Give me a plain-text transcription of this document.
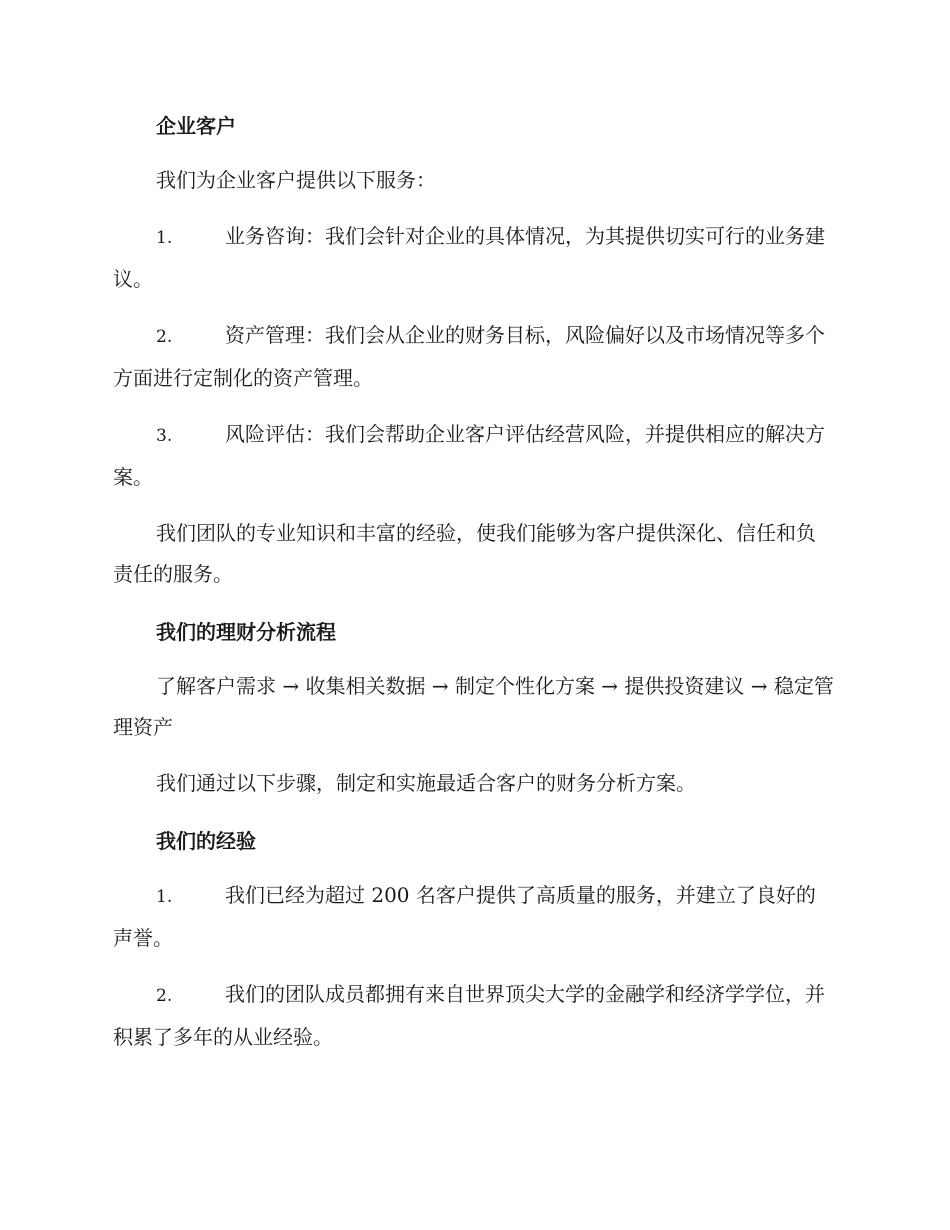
企业客户

我们为企业客户提供以下服务：

1.	业务咨询：我们会针对企业的具体情况，为其提供切实可行的业务建议。

2.	资产管理：我们会从企业的财务目标，风险偏好以及市场情况等多个方面进行定制化的资产管理。

3.	风险评估：我们会帮助企业客户评估经营风险，并提供相应的解决方案。

我们团队的专业知识和丰富的经验，使我们能够为客户提供深化、信任和负责任的服务。

我们的理财分析流程

了解客户需求 → 收集相关数据 → 制定个性化方案 → 提供投资建议 → 稳定管理资产

我们通过以下步骤，制定和实施最适合客户的财务分析方案。

我们的经验

1.	我们已经为超过 200 名客户提供了高质量的服务，并建立了良好的声誉。

2.	我们的团队成员都拥有来自世界顶尖大学的金融学和经济学学位，并积累了多年的从业经验。
